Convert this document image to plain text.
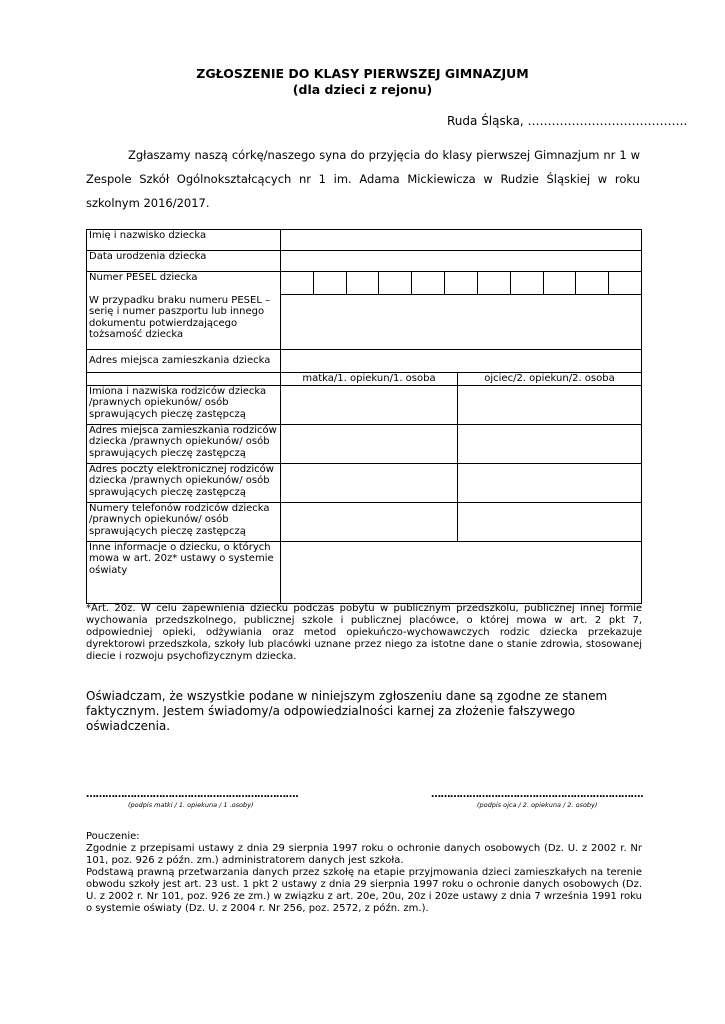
ZGŁOSZENIE DO KLASY PIERWSZEJ GIMNAZJUM
(dla dzieci z rejonu)
Ruda Śląska, ………………………………….

Zgłaszamy naszą córkę/naszego syna do przyjęcia do klasy pierwszej Gimnazjum nr 1 w Zespole Szkół Ogólnokształcących nr 1 im. Adama Mickiewicza w Rudzie Śląskiej w roku szkolnym 2016/2017.

Imię i nazwisko dziecka		
Data urodzenia dziecka		

Numer PESEL dziecka
W przypadku braku numeru PESEL – serię i numer paszportu lub innego dokumentu potwierdzającego tożsamość dziecka		

Adres miejsca zamieszkania dziecka		
	matka/1. opiekun/1. osoba	ojciec/2. opiekun/2. osoba
Imiona i nazwiska rodziców dziecka /prawnych opiekunów/ osób sprawujących pieczę zastępczą		
Adres miejsca zamieszkania rodziców dziecka /prawnych opiekunów/ osób sprawujących pieczę zastępczą		
Adres poczty elektronicznej rodziców dziecka /prawnych opiekunów/ osób sprawujących pieczę zastępczą		
Numery telefonów rodziców dziecka /prawnych opiekunów/ osób sprawujących pieczę zastępczą		
Inne informacje o dziecku, o których mowa w art. 20z* ustawy o systemie oświaty		
*Art. 20z. W celu zapewnienia dziecku podczas pobytu w publicznym przedszkolu, publicznej innej formie wychowania przedszkolnego, publicznej szkole i publicznej placówce, o której mowa w art. 2 pkt 7, odpowiedniej opieki, odżywiania oraz metod opiekuńczo-wychowawczych rodzic dziecka przekazuje dyrektorowi przedszkola, szkoły lub placówki uznane przez niego za istotne dane o stanie zdrowia, stosowanej diecie i rozwoju psychofizycznym dziecka.
Oświadczam, że wszystkie podane w niniejszym zgłoszeniu dane są zgodne ze stanem faktycznym. Jestem świadomy/a odpowiedzialności karnej za złożenie fałszywego oświadczenia.
………………………………………………………….	………………………………………………………….
(podpis matki / 1. opiekuna / 1 .osoby)	(podpis ojca / 2. opiekuna / 2. osoby)

Pouczenie:

Zgodnie z przepisami ustawy z dnia 29 sierpnia 1997 roku o ochronie danych osobowych (Dz. U. z 2002 r. Nr 101, poz. 926 z późn. zm.) administratorem danych jest szkoła.

Podstawą prawną przetwarzania danych przez szkołę na etapie przyjmowania dzieci zamieszkałych na terenie obwodu szkoły jest art. 23 ust. 1 pkt 2 ustawy z dnia 29 sierpnia 1997 roku o ochronie danych osobowych (Dz. U. z 2002 r. Nr 101, poz. 926 ze zm.) w związku z art. 20e, 20u, 20z i 20ze ustawy z dnia 7 września 1991 roku o systemie oświaty (Dz. U. z 2004 r. Nr 256, poz. 2572, z późn. zm.).
